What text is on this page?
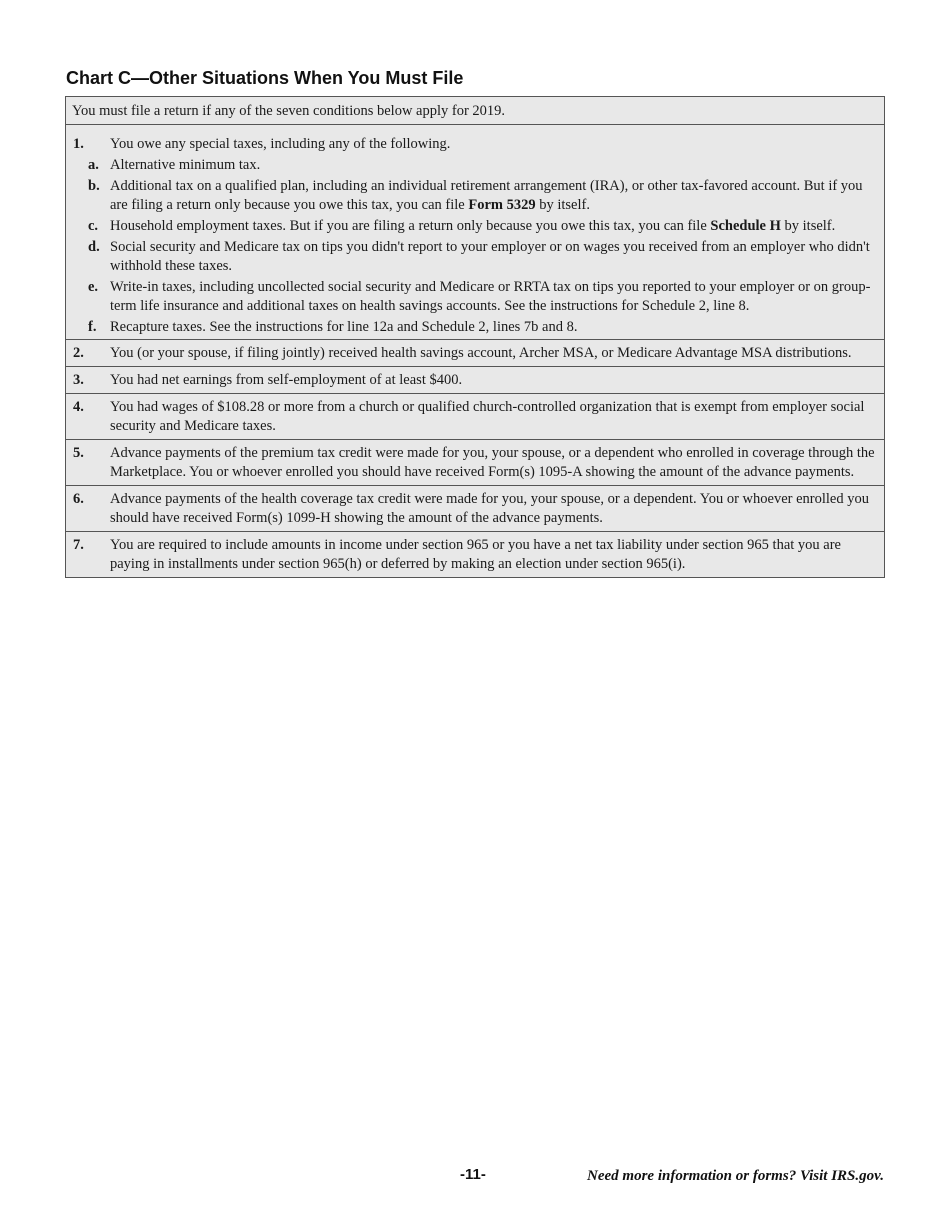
Chart C—Other Situations When You Must File
You must file a return if any of the seven conditions below apply for 2019.
1.	You owe any special taxes, including any of the following.
a. Alternative minimum tax.
b. Additional tax on a qualified plan, including an individual retirement arrangement (IRA), or other tax-favored account. But if you are filing a return only because you owe this tax, you can file Form 5329 by itself.
c. Household employment taxes. But if you are filing a return only because you owe this tax, you can file Schedule H by itself.
d. Social security and Medicare tax on tips you didn't report to your employer or on wages you received from an employer who didn't withhold these taxes.
e. Write-in taxes, including uncollected social security and Medicare or RRTA tax on tips you reported to your employer or on group-term life insurance and additional taxes on health savings accounts. See the instructions for Schedule 2, line 8.
f. Recapture taxes. See the instructions for line 12a and Schedule 2, lines 7b and 8.
2.	You (or your spouse, if filing jointly) received health savings account, Archer MSA, or Medicare Advantage MSA distributions.
3.	You had net earnings from self-employment of at least $400.
4.	You had wages of $108.28 or more from a church or qualified church-controlled organization that is exempt from employer social security and Medicare taxes.
5.	Advance payments of the premium tax credit were made for you, your spouse, or a dependent who enrolled in coverage through the Marketplace. You or whoever enrolled you should have received Form(s) 1095-A showing the amount of the advance payments.
6.	Advance payments of the health coverage tax credit were made for you, your spouse, or a dependent. You or whoever enrolled you should have received Form(s) 1099-H showing the amount of the advance payments.
7.	You are required to include amounts in income under section 965 or you have a net tax liability under section 965 that you are paying in installments under section 965(h) or deferred by making an election under section 965(i).
-11-	Need more information or forms? Visit IRS.gov.
